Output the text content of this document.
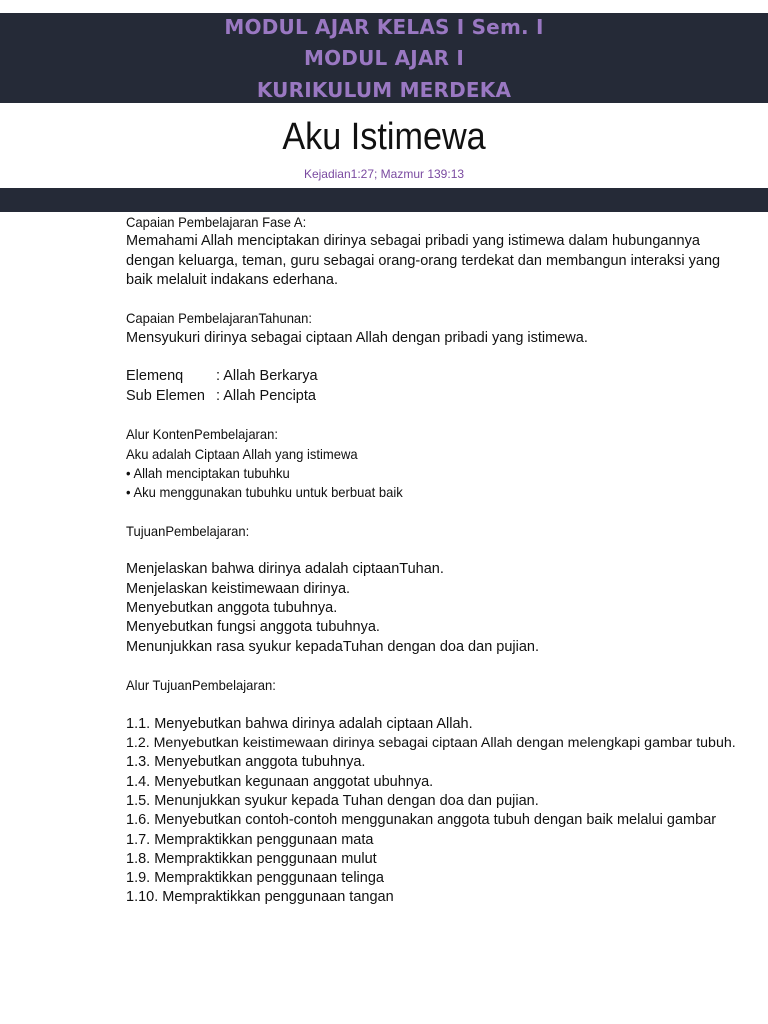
MODUL AJAR KELAS I Sem. I
MODUL AJAR I
KURIKULUM MERDEKA
Aku Istimewa
Kejadian1:27; Mazmur 139:13
Capaian Pembelajaran Fase A:
Memahami Allah menciptakan dirinya sebagai pribadi yang istimewa dalam hubungannya
dengan keluarga, teman, guru sebagai orang-orang terdekat dan membangun interaksi yang
baik melaluit indakans ederhana.
Capaian PembelajaranTahunan:
Mensyukuri dirinya sebagai ciptaan Allah dengan pribadi yang istimewa.
Elemenq	: Allah Berkarya
Sub Elemen : Allah Pencipta
Alur KontenPembelajaran:
Aku adalah Ciptaan Allah yang istimewa
• Allah menciptakan tubuhku
• Aku menggunakan tubuhku untuk berbuat baik
TujuanPembelajaran:
Menjelaskan bahwa dirinya adalah ciptaanTuhan.
Menjelaskan keistimewaan dirinya.
Menyebutkan anggota tubuhnya.
Menyebutkan fungsi anggota tubuhnya.
Menunjukkan rasa syukur kepadaTuhan dengan doa dan pujian.
Alur TujuanPembelajaran:
1.1. Menyebutkan bahwa dirinya adalah ciptaan Allah.
1.2. Menyebutkan keistimewaan dirinya sebagai ciptaan Allah dengan melengkapi gambar tubuh.
1.3. Menyebutkan anggota tubuhnya.
1.4. Menyebutkan kegunaan anggotat ubuhnya.
1.5. Menunjukkan syukur kepada Tuhan dengan doa dan pujian.
1.6. Menyebutkan contoh-contoh menggunakan anggota tubuh dengan baik melalui gambar
1.7. Mempraktikkan penggunaan mata
1.8. Mempraktikkan penggunaan mulut
1.9. Mempraktikkan penggunaan telinga
1.10. Mempraktikkan penggunaan tangan
